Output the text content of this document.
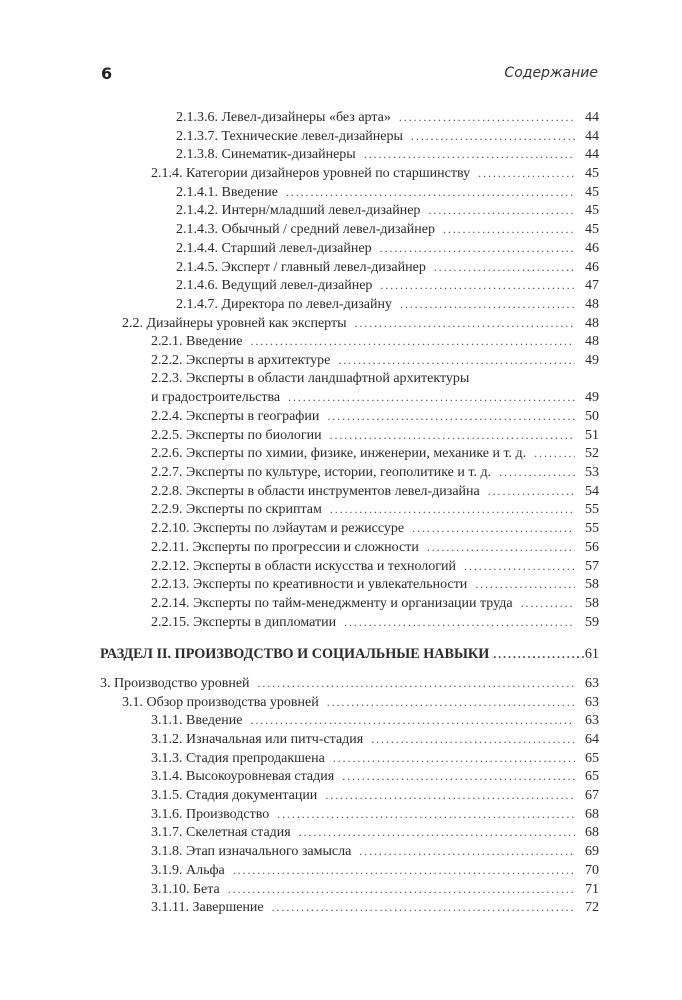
6	Содержание
2.1.3.6. Левел-дизайнеры «без арта» . . .	44
2.1.3.7. Технические левел-дизайнеры . . .	44
2.1.3.8. Синематик-дизайнеры . . .	44
2.1.4. Категории дизайнеров уровней по старшинству . . .	45
2.1.4.1. Введение . . .	45
2.1.4.2. Интерн/младший левел-дизайнер . . .	45
2.1.4.3. Обычный / средний левел-дизайнер . . .	45
2.1.4.4. Старший левел-дизайнер . . .	46
2.1.4.5. Эксперт / главный левел-дизайнер . . .	46
2.1.4.6. Ведущий левел-дизайнер . . .	47
2.1.4.7. Директора по левел-дизайну . . .	48
2.2. Дизайнеры уровней как эксперты . . .	48
2.2.1. Введение . . .	48
2.2.2. Эксперты в архитектуре . . .	49
2.2.3. Эксперты в области ландшафтной архитектуры
и градостроительства . . .	49
2.2.4. Эксперты в географии . . .	50
2.2.5. Эксперты по биологии . . .	51
2.2.6. Эксперты по химии, физике, инженерии, механике и т. д. . . .	52
2.2.7. Эксперты по культуре, истории, геополитике и т. д. . . .	53
2.2.8. Эксперты в области инструментов левел-дизайна . . .	54
2.2.9. Эксперты по скриптам . . .	55
2.2.10. Эксперты по лэйаутам и режиссуре . . .	55
2.2.11. Эксперты по прогрессии и сложности . . .	56
2.2.12. Эксперты в области искусства и технологий . . .	57
2.2.13. Эксперты по креативности и увлекательности . . .	58
2.2.14. Эксперты по тайм-менеджменту и организации труда . . .	58
2.2.15. Эксперты в дипломатии . . .	59
РАЗДЕЛ II. ПРОИЗВОДСТВО И СОЦИАЛЬНЫЕ НАВЫКИ . . .	61
3. Производство уровней . . .	63
3.1. Обзор производства уровней . . .	63
3.1.1. Введение . . .	63
3.1.2. Изначальная или питч-стадия . . .	64
3.1.3. Стадия препродакшена . . .	65
3.1.4. Высокоуровневая стадия . . .	65
3.1.5. Стадия документации . . .	67
3.1.6. Производство . . .	68
3.1.7. Скелетная стадия . . .	68
3.1.8. Этап изначального замысла . . .	69
3.1.9. Альфа . . .	70
3.1.10. Бета . . .	71
3.1.11. Завершение . . .	72
